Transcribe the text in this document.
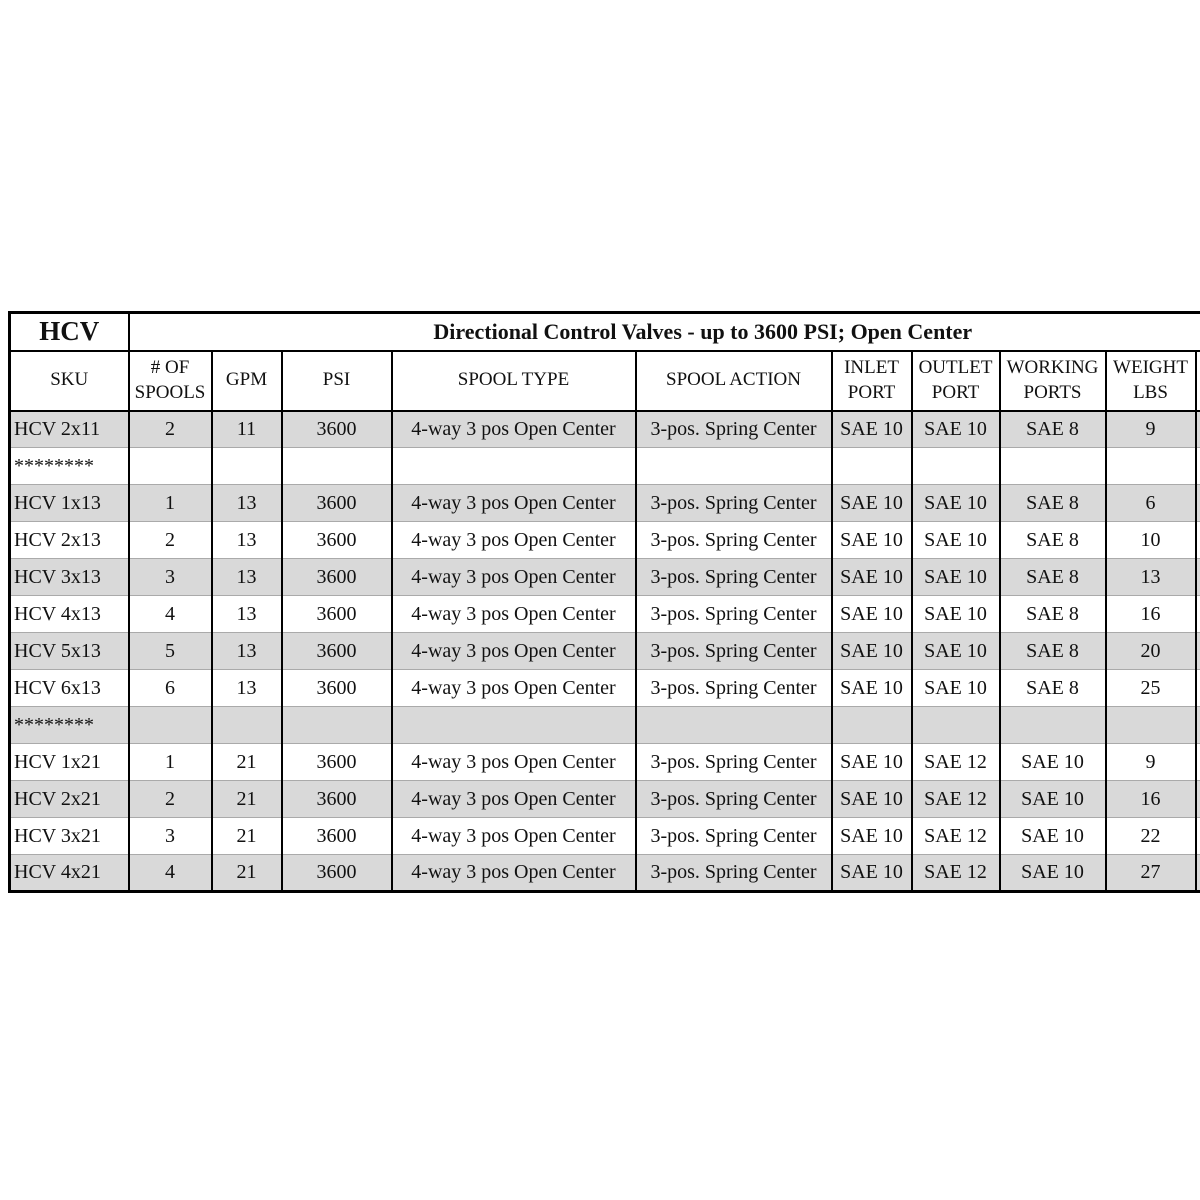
HCV	Directional Control Valves - up to 3600 PSI; Open Center									
SKU	# OF SPOOLS	GPM	PSI	SPOOL TYPE	SPOOL ACTION	INLET PORT	OUTLET PORT	WORKING PORTS	WEIGHT LBS	
HCV 2x11	2	11	3600	4-way 3 pos Open Center	3-pos. Spring Center	SAE 10	SAE 10	SAE 8	9	
********										
HCV 1x13	1	13	3600	4-way 3 pos Open Center	3-pos. Spring Center	SAE 10	SAE 10	SAE 8	6	
HCV 2x13	2	13	3600	4-way 3 pos Open Center	3-pos. Spring Center	SAE 10	SAE 10	SAE 8	10	
HCV 3x13	3	13	3600	4-way 3 pos Open Center	3-pos. Spring Center	SAE 10	SAE 10	SAE 8	13	
HCV 4x13	4	13	3600	4-way 3 pos Open Center	3-pos. Spring Center	SAE 10	SAE 10	SAE 8	16	
HCV 5x13	5	13	3600	4-way 3 pos Open Center	3-pos. Spring Center	SAE 10	SAE 10	SAE 8	20	
HCV 6x13	6	13	3600	4-way 3 pos Open Center	3-pos. Spring Center	SAE 10	SAE 10	SAE 8	25	
********										
HCV 1x21	1	21	3600	4-way 3 pos Open Center	3-pos. Spring Center	SAE 10	SAE 12	SAE 10	9	
HCV 2x21	2	21	3600	4-way 3 pos Open Center	3-pos. Spring Center	SAE 10	SAE 12	SAE 10	16	
HCV 3x21	3	21	3600	4-way 3 pos Open Center	3-pos. Spring Center	SAE 10	SAE 12	SAE 10	22	
HCV 4x21	4	21	3600	4-way 3 pos Open Center	3-pos. Spring Center	SAE 10	SAE 12	SAE 10	27	
